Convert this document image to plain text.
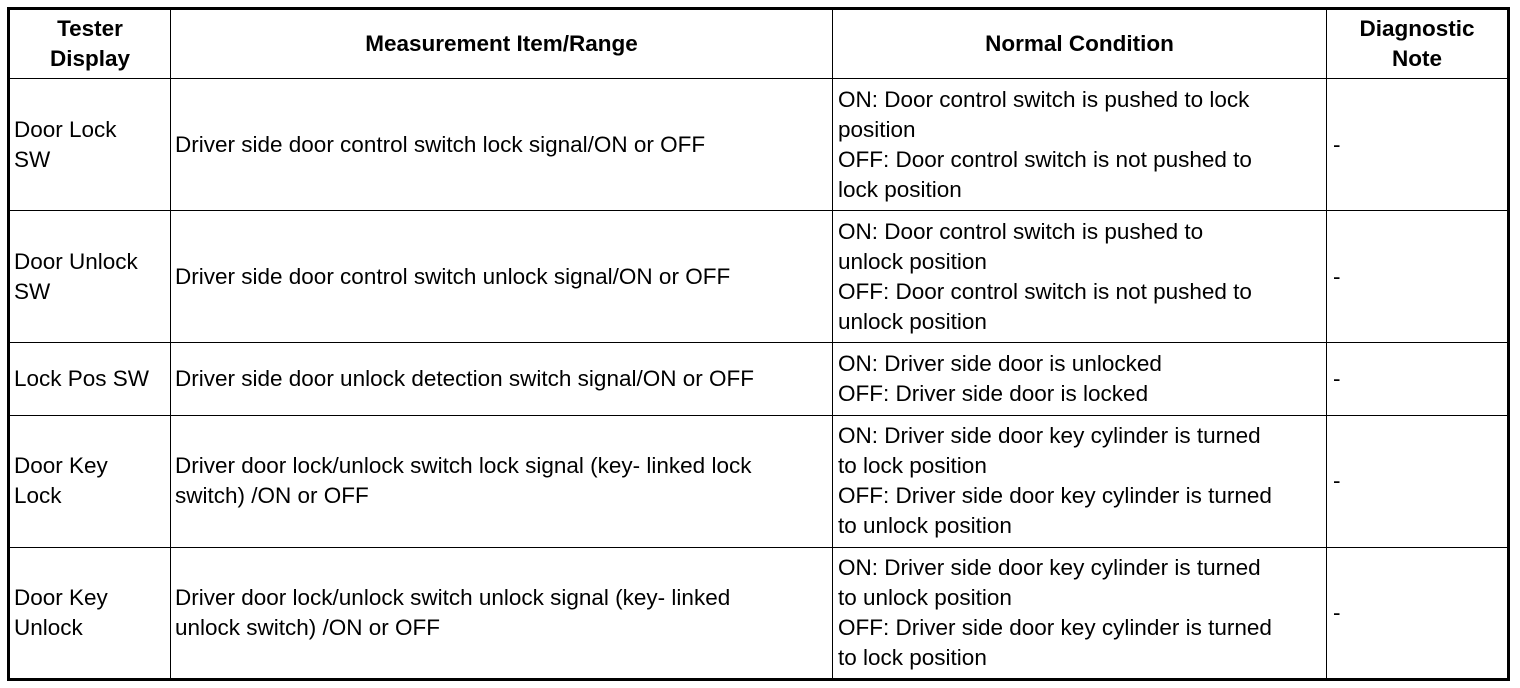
Tester
Display	Measurement Item/Range	Normal Condition	Diagnostic
Note

Door Lock
SW	Driver side door control switch lock signal/ON or OFF	ON: Door control switch is pushed to lock
position
OFF: Door control switch is not pushed to
lock position	-

Door Unlock
SW	Driver side door control switch unlock signal/ON or OFF	ON: Door control switch is pushed to
unlock position
OFF: Door control switch is not pushed to
unlock position	-

Lock Pos SW	Driver side door unlock detection switch signal/ON or OFF	ON: Driver side door is unlocked
OFF: Driver side door is locked	-

Door Key
Lock	Driver door lock/unlock switch lock signal (key- linked lock
switch) /ON or OFF	ON: Driver side door key cylinder is turned
to lock position
OFF: Driver side door key cylinder is turned
to unlock position	-

Door Key
Unlock	Driver door lock/unlock switch unlock signal (key- linked
unlock switch) /ON or OFF	ON: Driver side door key cylinder is turned
to unlock position
OFF: Driver side door key cylinder is turned
to lock position	-
